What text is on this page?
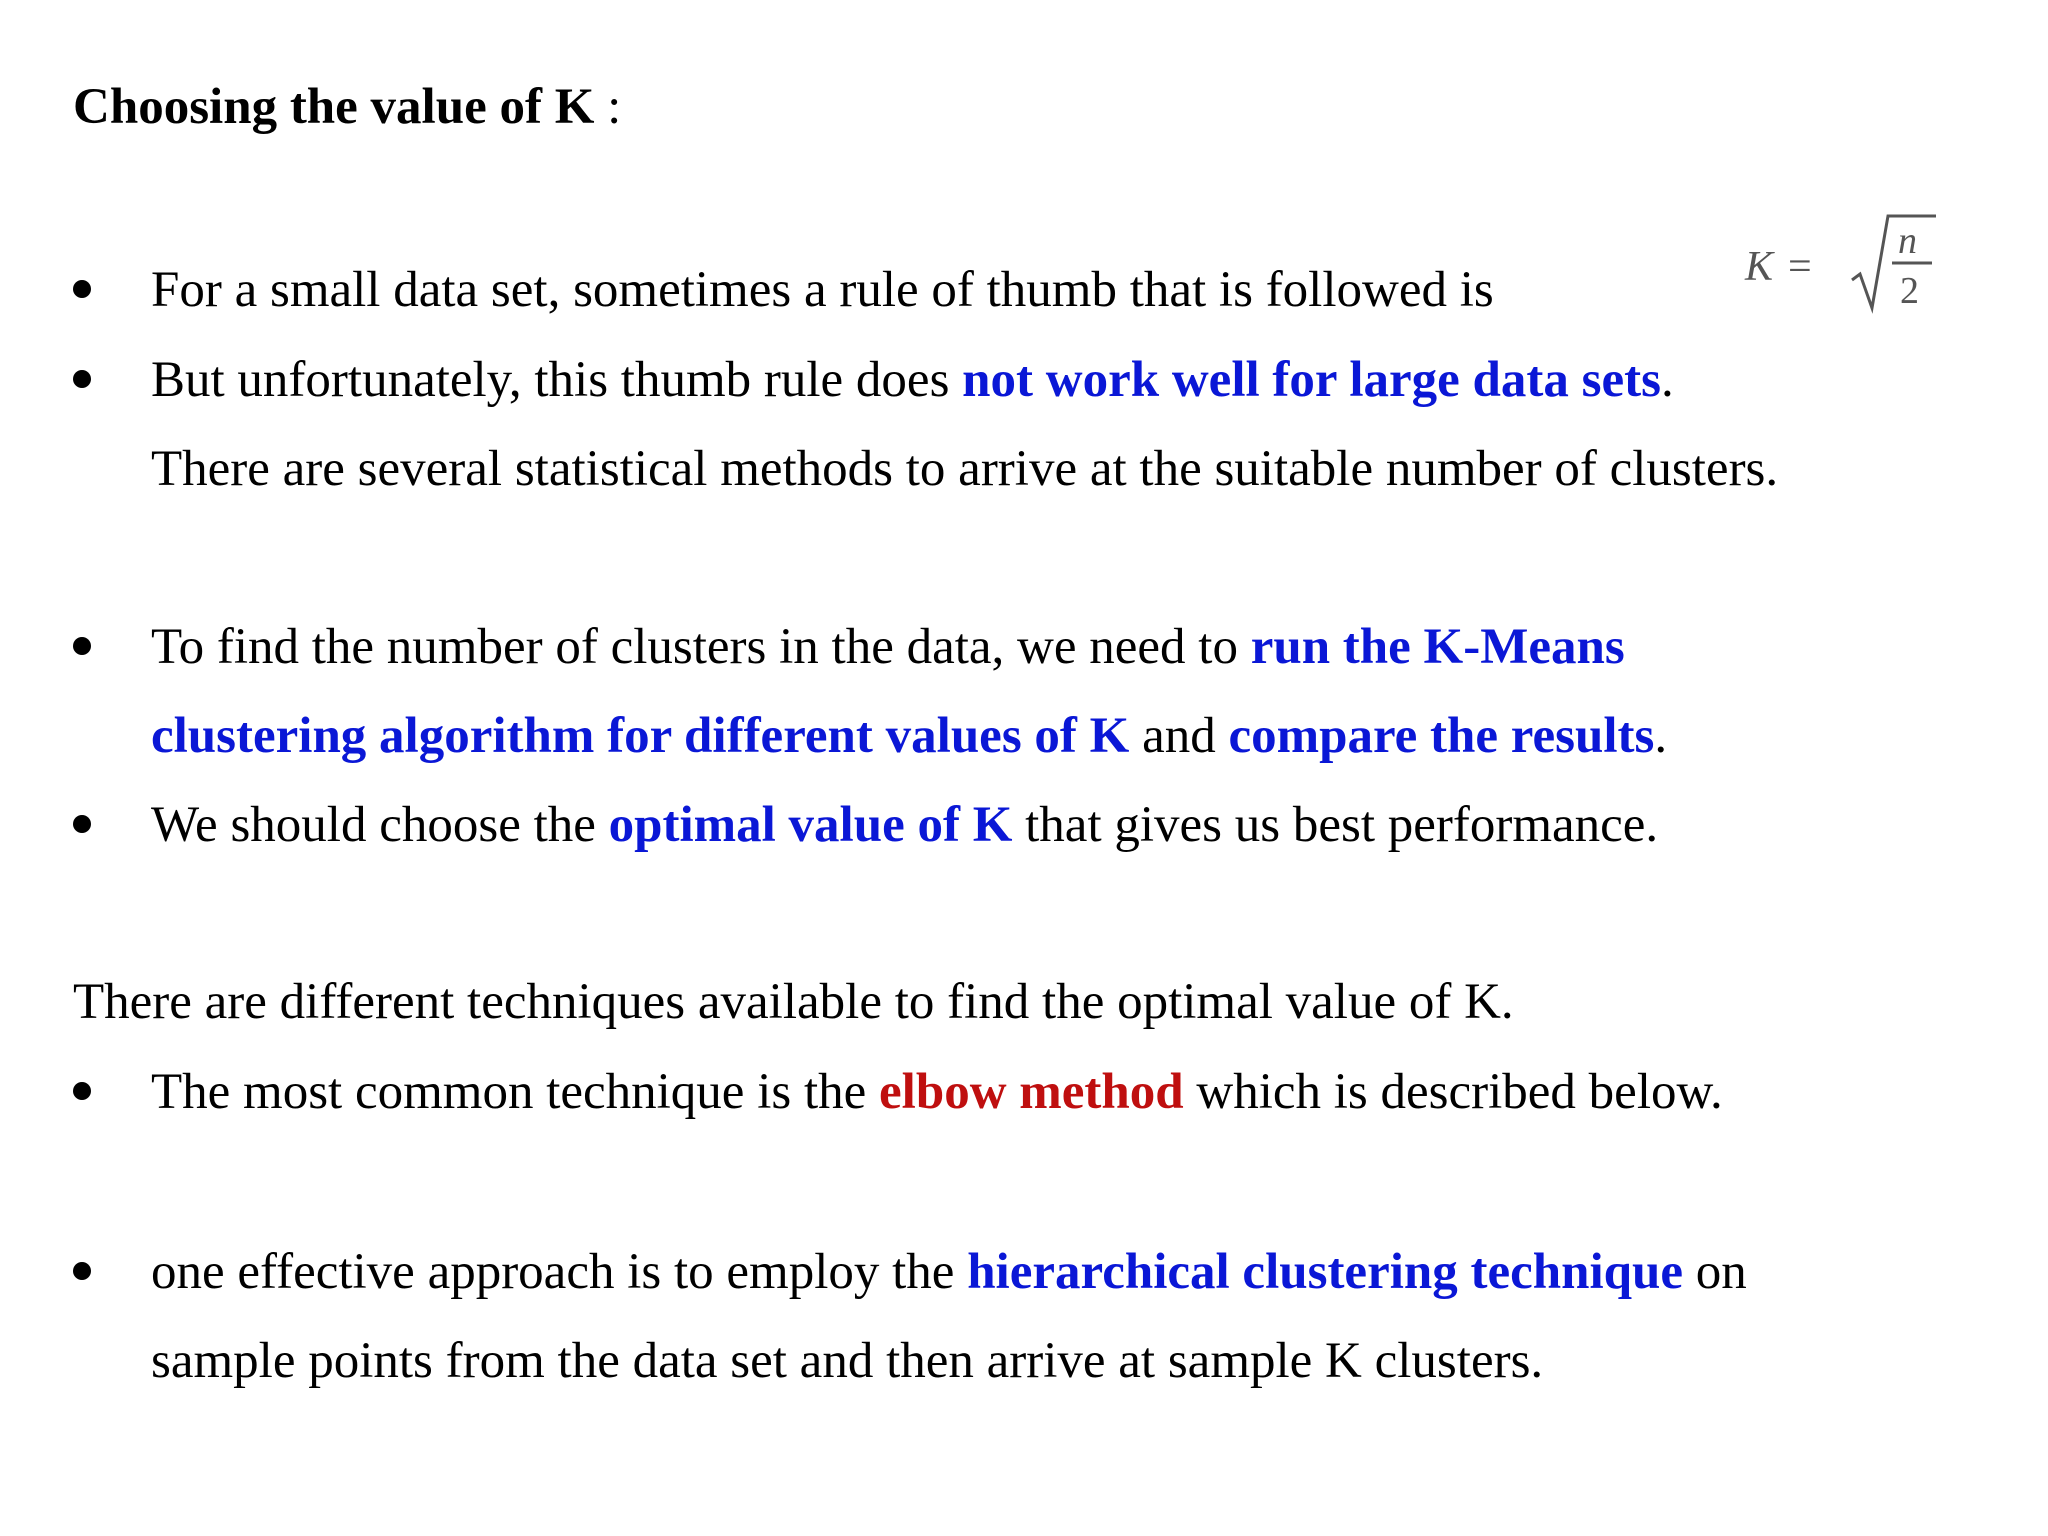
Choosing the value of K :
For a small data set, sometimes a rule of thumb that is followed is	K =
n
2
But unfortunately, this thumb rule does not work well for large data sets.
There are several statistical methods to arrive at the suitable number of clusters.
To find the number of clusters in the data, we need to run the K-Means
clustering algorithm for different values of K and compare the results.
We should choose the optimal value of K that gives us best performance.
There are different techniques available to find the optimal value of K.
The most common technique is the elbow method which is described below.
one effective approach is to employ the hierarchical clustering technique on
sample points from the data set and then arrive at sample K clusters.
